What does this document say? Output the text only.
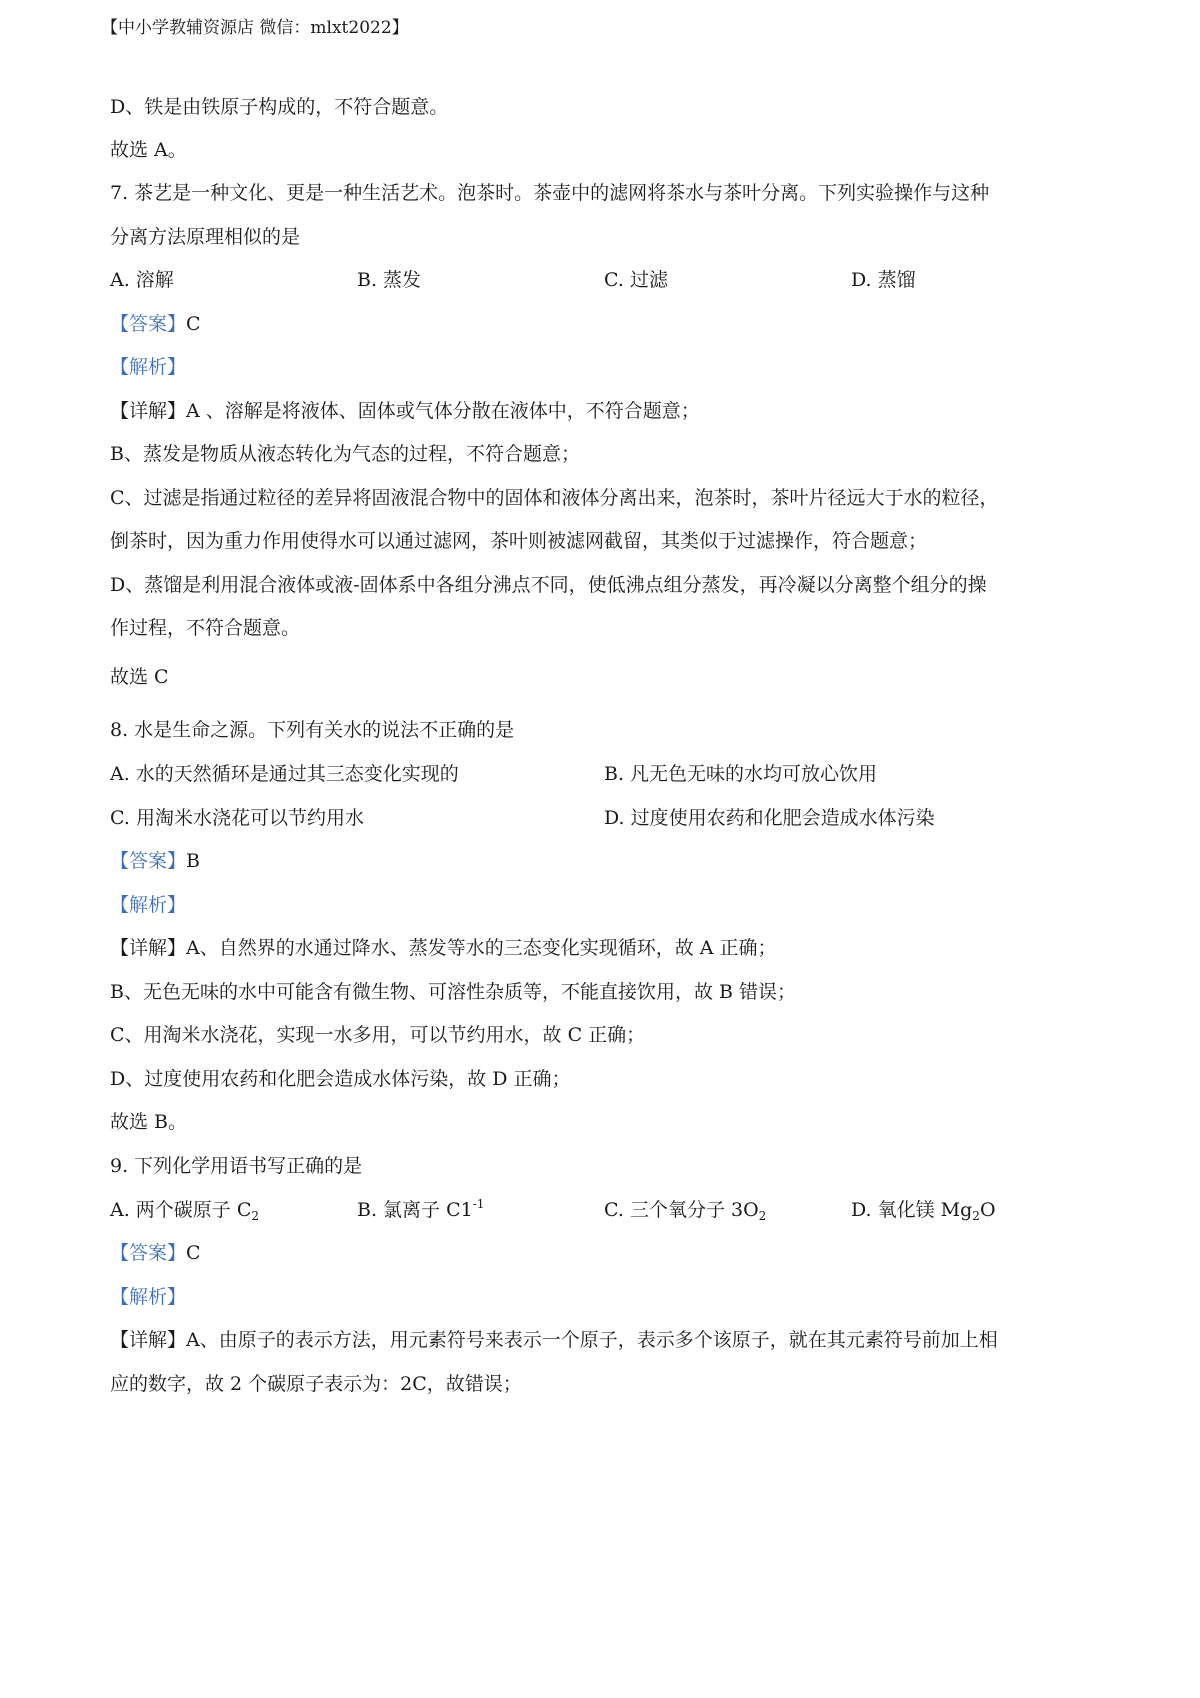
【中小学教辅资源店 微信：mlxt2022】
D、铁是由铁原子构成的，不符合题意。
故选 A。
7. 茶艺是一种文化、更是一种生活艺术。泡茶时。茶壶中的滤网将茶水与茶叶分离。下列实验操作与这种
分离方法原理相似的是
A. 溶解	B. 蒸发	C. 过滤	D. 蒸馏
【答案】C
【解析】
【详解】A 、溶解是将液体、固体或气体分散在液体中，不符合题意；
B、蒸发是物质从液态转化为气态的过程，不符合题意；
C、过滤是指通过粒径的差异将固液混合物中的固体和液体分离出来，泡茶时，茶叶片径远大于水的粒径，
倒茶时，因为重力作用使得水可以通过滤网，茶叶则被滤网截留，其类似于过滤操作，符合题意；
D、蒸馏是利用混合液体或液-固体系中各组分沸点不同，使低沸点组分蒸发，再冷凝以分离整个组分的操
作过程，不符合题意。
故选 C
8. 水是生命之源。下列有关水的说法不正确的是
A. 水的天然循环是通过其三态变化实现的	B. 凡无色无味的水均可放心饮用
C. 用淘米水浇花可以节约用水	D. 过度使用农药和化肥会造成水体污染
【答案】B
【解析】
【详解】A、自然界的水通过降水、蒸发等水的三态变化实现循环，故 A 正确；
B、无色无味的水中可能含有微生物、可溶性杂质等，不能直接饮用，故 B 错误；
C、用淘米水浇花，实现一水多用，可以节约用水，故 C 正确；
D、过度使用农药和化肥会造成水体污染，故 D 正确；
故选 B。
9. 下列化学用语书写正确的是
A. 两个碳原子 $C_2$	B. 氯离子 $C1^{-1}$	C. 三个氧分子 $3O_2$	D. 氧化镁 $Mg_2O$
【答案】C
【解析】
【详解】A、由原子的表示方法，用元素符号来表示一个原子，表示多个该原子，就在其元素符号前加上相
应的数字，故 2 个碳原子表示为：2C，故错误；
